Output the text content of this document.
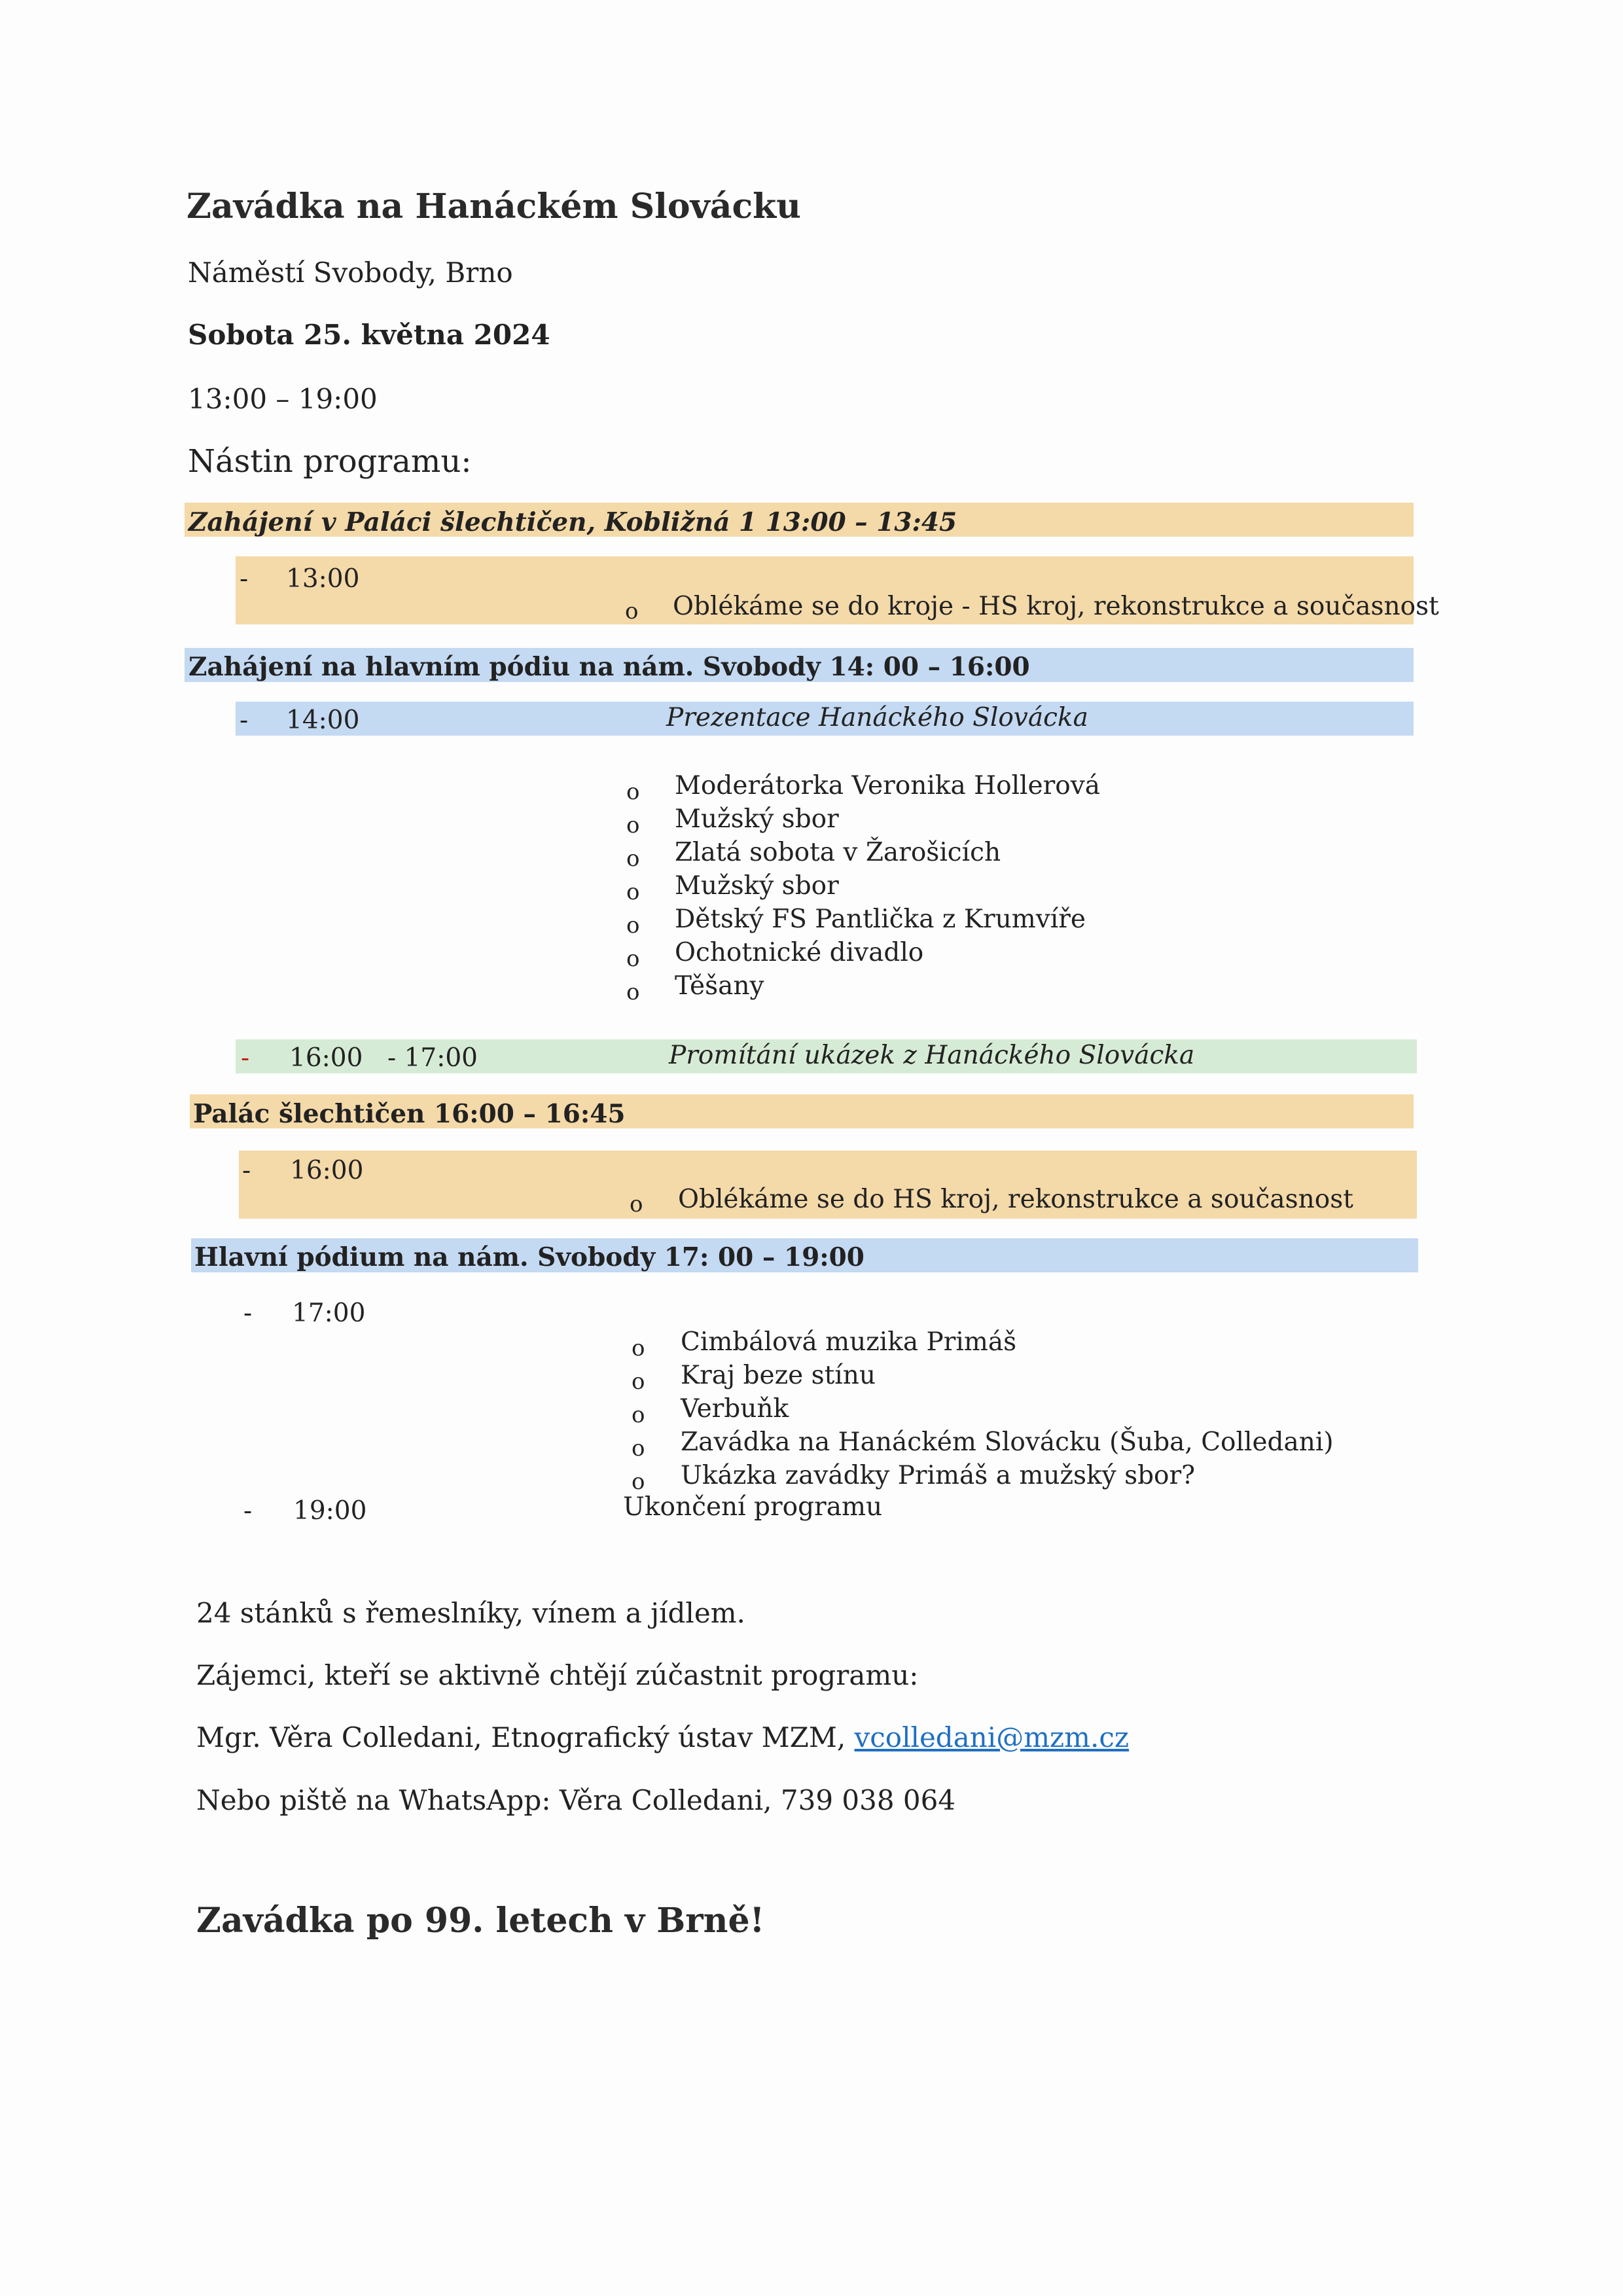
Zavádka na Hanáckém Slovácku
Náměstí Svobody, Brno
Sobota 25. května 2024
13:00 – 19:00
Nástin programu:
Zahájení v Paláci šlechtičen, Kobližná 1 13:00 – 13:45
- 13:00
o Oblékáme se do kroje - HS kroj, rekonstrukce a současnost
Zahájení na hlavním pódiu na nám. Svobody 14: 00 – 16:00
- 14:00	Prezentace Hanáckého Slovácka
o Moderátorka Veronika Hollerová
o Mužský sbor
o Zlatá sobota v Žarošicích
o Mužský sbor
o Dětský FS Pantlička z Krumvíře
o Ochotnické divadlo
o Těšany
- 16:00 - 17:00	Promítání ukázek z Hanáckého Slovácka
Palác šlechtičen 16:00 – 16:45
- 16:00
o Oblékáme se do HS kroj, rekonstrukce a současnost
Hlavní pódium na nám. Svobody 17: 00 – 19:00
- 17:00
o Cimbálová muzika Primáš
o Kraj beze stínu
o Verbuňk
o Zavádka na Hanáckém Slovácku (Šuba, Colledani)
o Ukázka zavádky Primáš a mužský sbor?
- 19:00	Ukončení programu
24 stánků s řemeslníky, vínem a jídlem.
Zájemci, kteří se aktivně chtějí zúčastnit programu:
Mgr. Věra Colledani, Etnografický ústav MZM, vcolledani@mzm.cz
Nebo piště na WhatsApp: Věra Colledani, 739 038 064
Zavádka po 99. letech v Brně!
